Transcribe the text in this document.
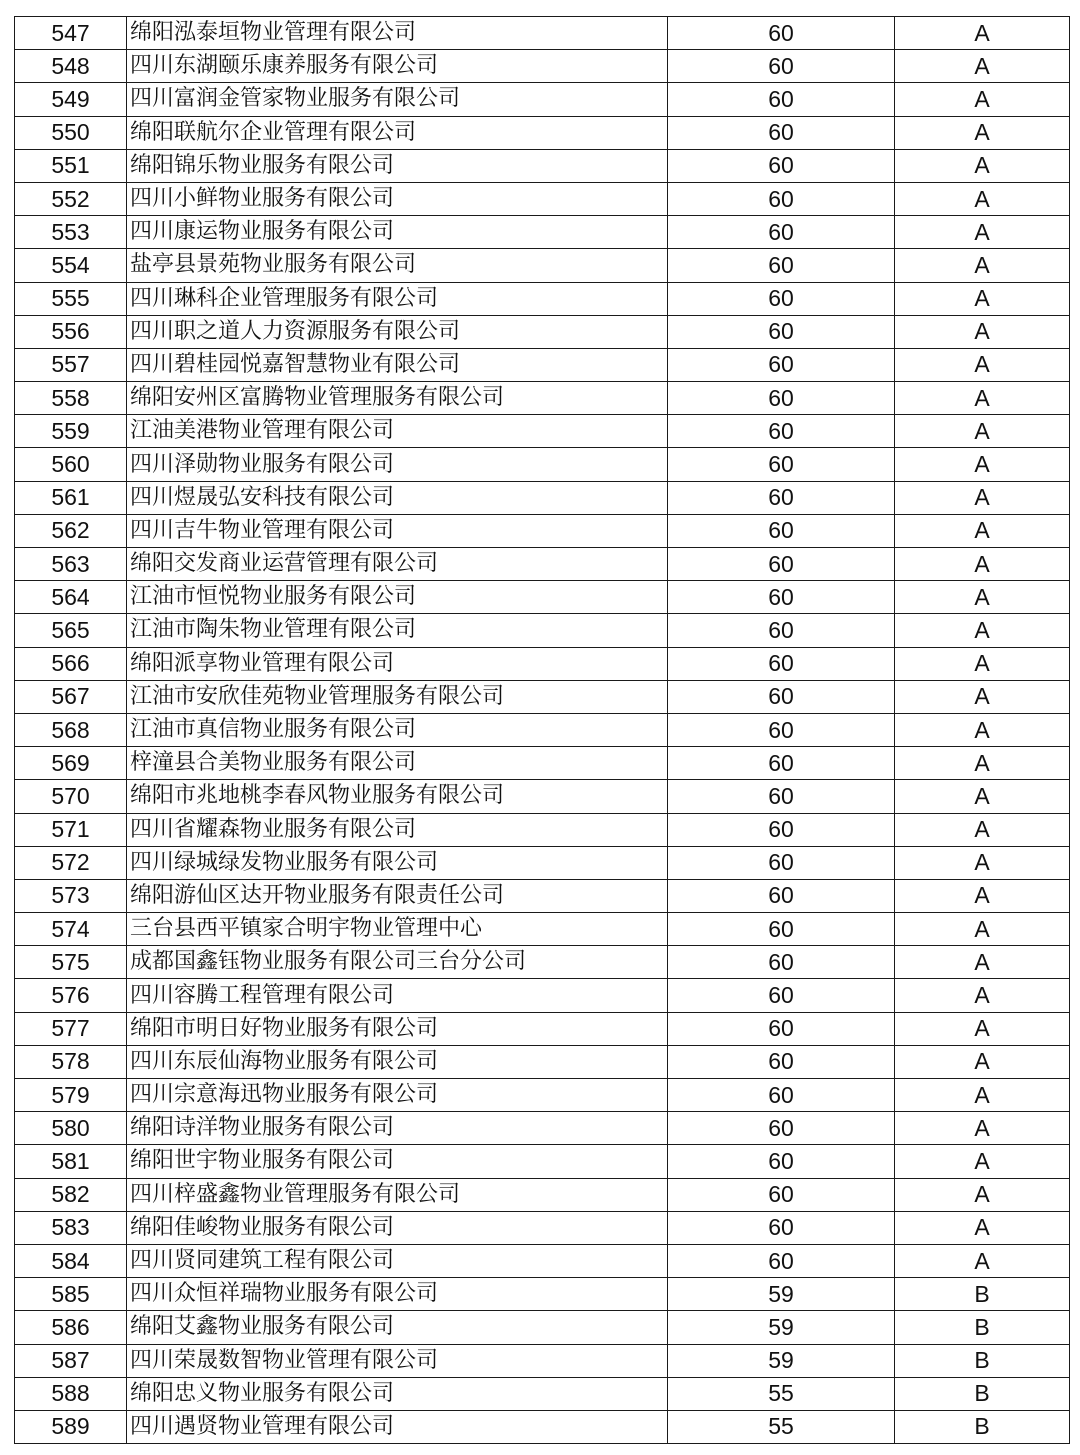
547	绵阳泓泰垣物业管理有限公司	60	A
548	四川东湖颐乐康养服务有限公司	60	A
549	四川富润金管家物业服务有限公司	60	A
550	绵阳联航尔企业管理有限公司	60	A
551	绵阳锦乐物业服务有限公司	60	A
552	四川小鲜物业服务有限公司	60	A
553	四川康运物业服务有限公司	60	A
554	盐亭县景苑物业服务有限公司	60	A
555	四川琳科企业管理服务有限公司	60	A
556	四川职之道人力资源服务有限公司	60	A
557	四川碧桂园悦嘉智慧物业有限公司	60	A
558	绵阳安州区富腾物业管理服务有限公司	60	A
559	江油美港物业管理有限公司	60	A
560	四川泽勋物业服务有限公司	60	A
561	四川煜晟弘安科技有限公司	60	A
562	四川吉牛物业管理有限公司	60	A
563	绵阳交发商业运营管理有限公司	60	A
564	江油市恒悦物业服务有限公司	60	A
565	江油市陶朱物业管理有限公司	60	A
566	绵阳派享物业管理有限公司	60	A
567	江油市安欣佳苑物业管理服务有限公司	60	A
568	江油市真信物业服务有限公司	60	A
569	梓潼县合美物业服务有限公司	60	A
570	绵阳市兆地桃李春风物业服务有限公司	60	A
571	四川省耀森物业服务有限公司	60	A
572	四川绿城绿发物业服务有限公司	60	A
573	绵阳游仙区达开物业服务有限责任公司	60	A
574	三台县西平镇家合明宇物业管理中心	60	A
575	成都国鑫钰物业服务有限公司三台分公司	60	A
576	四川容腾工程管理有限公司	60	A
577	绵阳市明日好物业服务有限公司	60	A
578	四川东辰仙海物业服务有限公司	60	A
579	四川宗意海迅物业服务有限公司	60	A
580	绵阳诗洋物业服务有限公司	60	A
581	绵阳世宇物业服务有限公司	60	A
582	四川梓盛鑫物业管理服务有限公司	60	A
583	绵阳佳峻物业服务有限公司	60	A
584	四川贤同建筑工程有限公司	60	A
585	四川众恒祥瑞物业服务有限公司	59	B
586	绵阳艾鑫物业服务有限公司	59	B
587	四川荣晟数智物业管理有限公司	59	B
588	绵阳忠义物业服务有限公司	55	B
589	四川遇贤物业管理有限公司	55	B
